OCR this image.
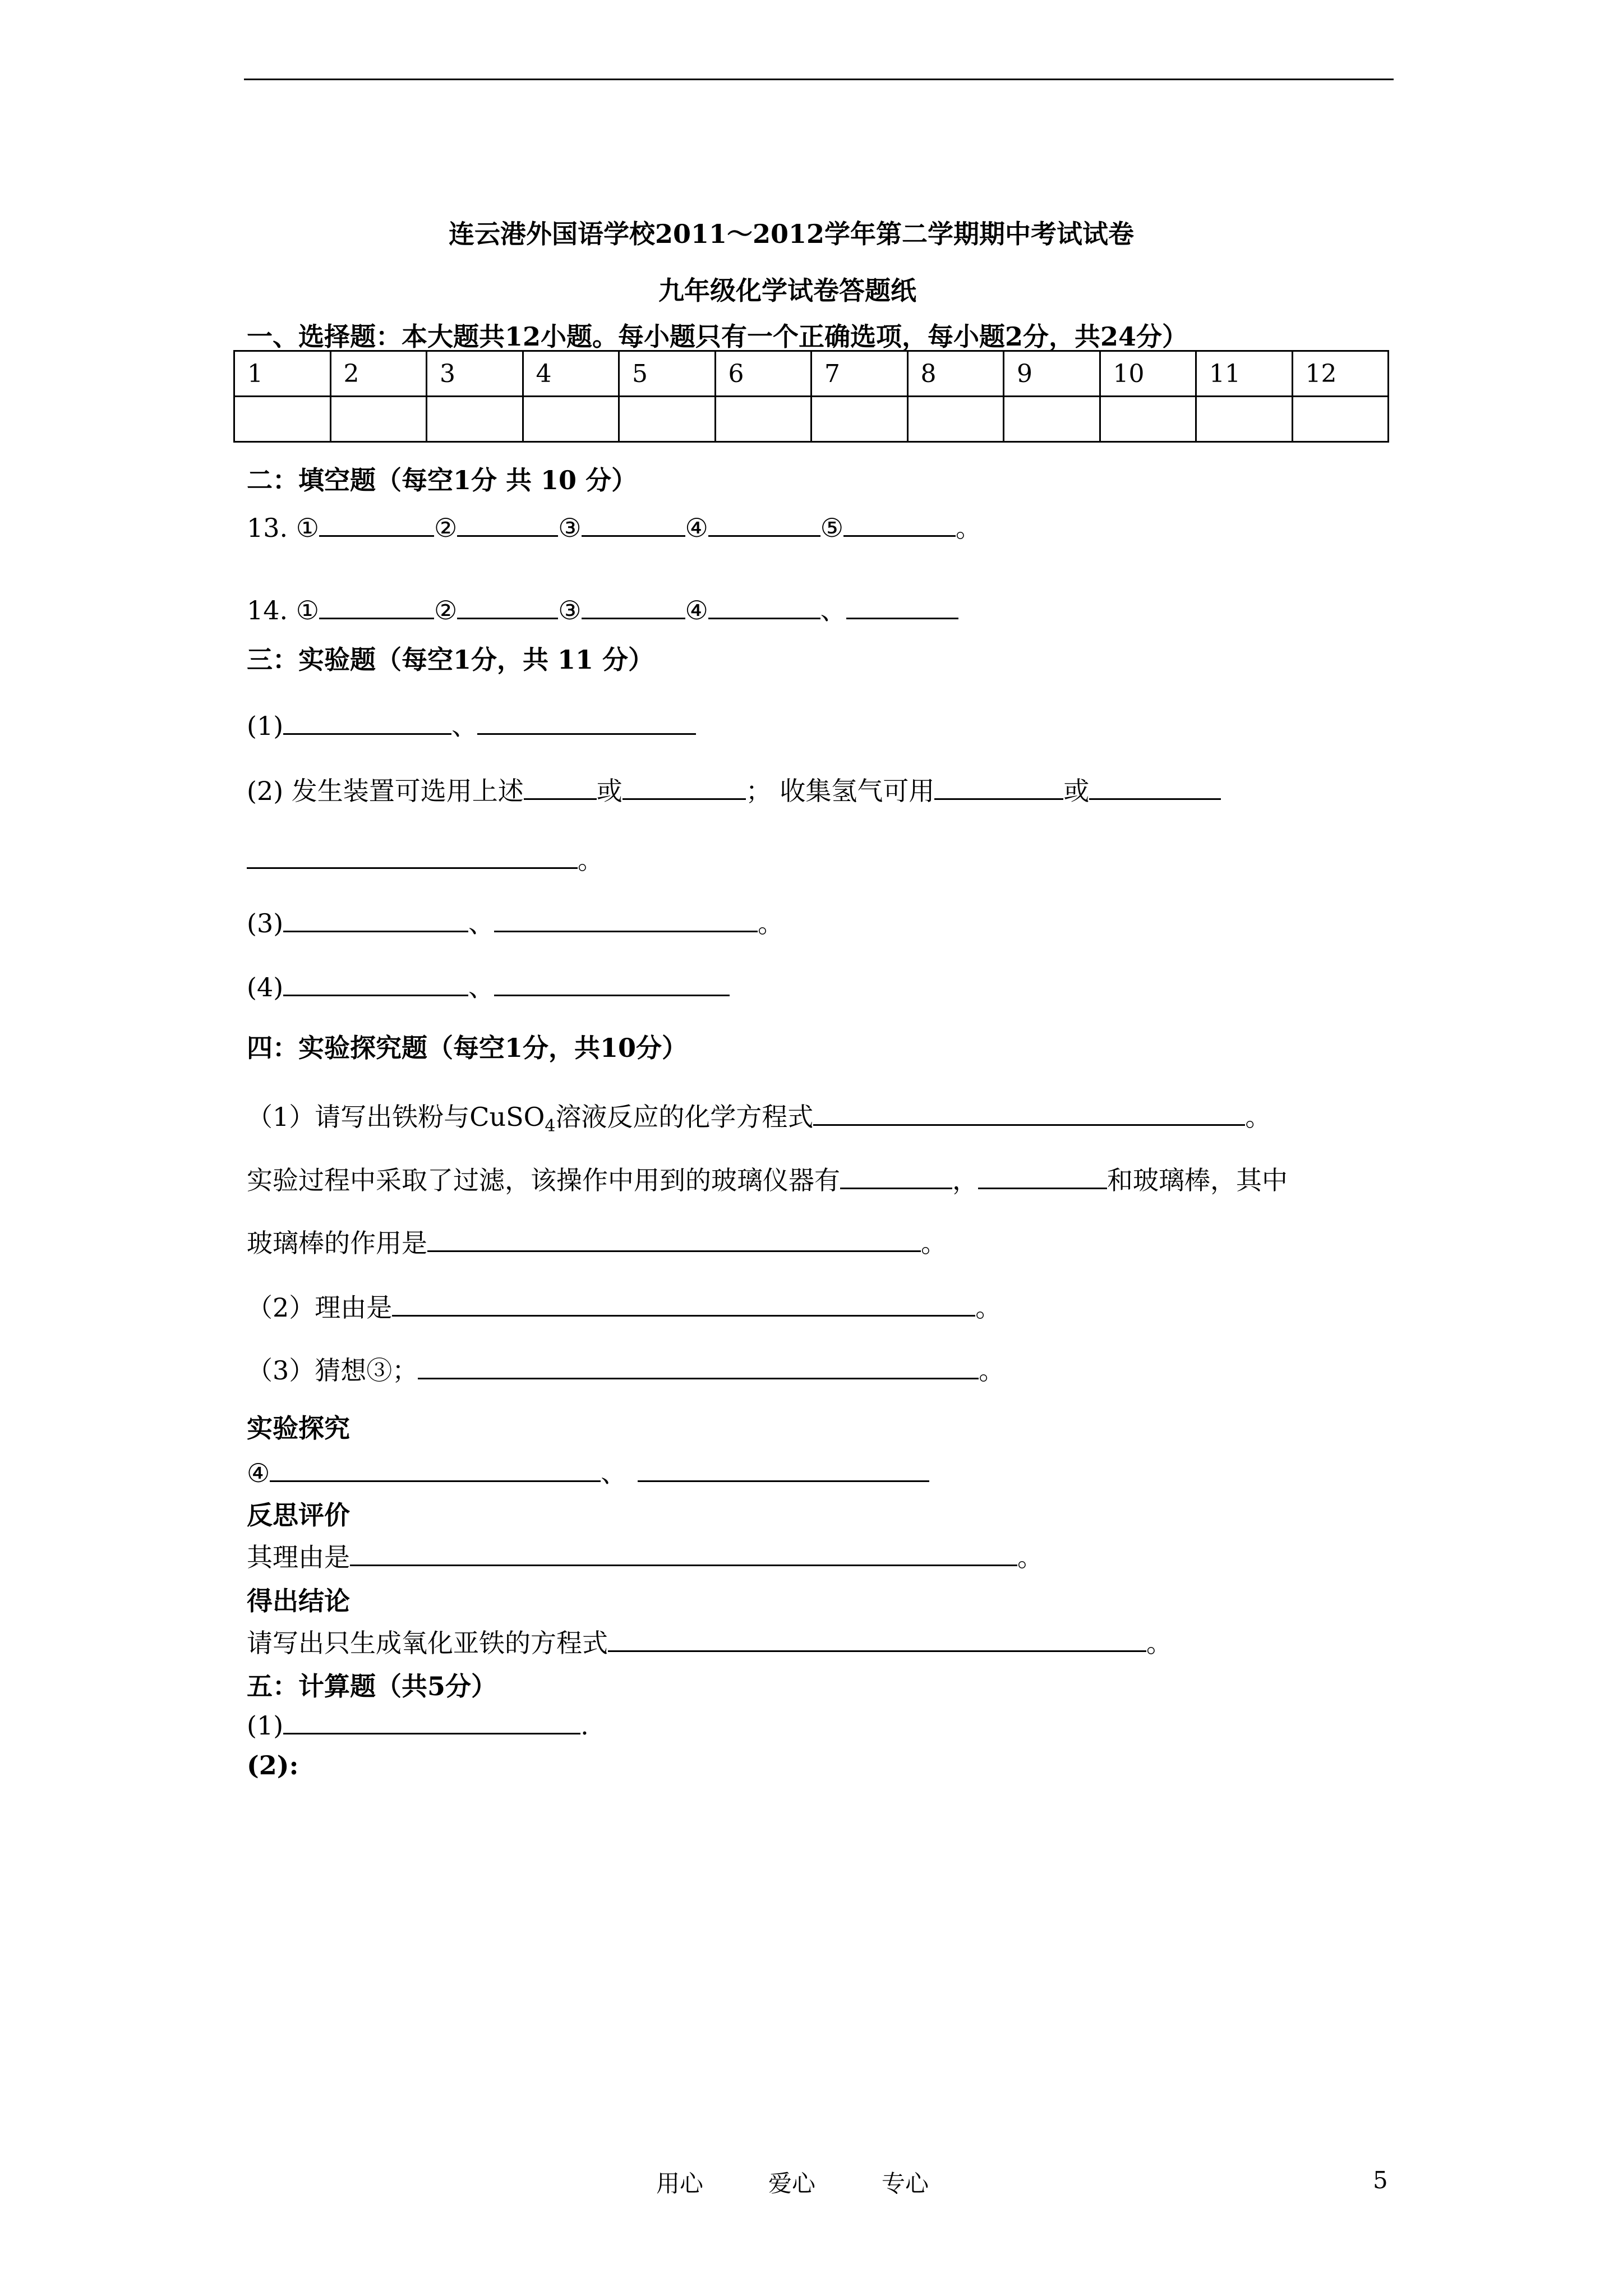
连云港外国语学校2011～2012学年第二学期期中考试试卷
九年级化学试卷答题纸
一、选择题：本大题共12小题。每小题只有一个正确选项，每小题2分，共24分）
1	2	3	4	5	6	7	8	9	10	11	12

二：填空题（每空1分 共 10 分）
13. ①	②	③	④	⑤	。
14. ①	②	③	④	、
三：实验题（每空1分，共 11 分）
(1)	、
(2) 发生装置可选用上述	或	； 收集氢气可用	或
。
(3)	、	。
(4)	、
四：实验探究题（每空1分，共10分）
（1）请写出铁粉与CuSO$_4$溶液反应的化学方程式	。
实验过程中采取了过滤，该操作中用到的玻璃仪器有	，	和玻璃棒，其中
玻璃棒的作用是	。
（2）理由是	。
（3）猜想③；	。
实验探究
④	、
反思评价
其理由是	。
得出结论
请写出只生成氧化亚铁的方程式	。
五：计算题（共5分）
(1)	.
(2):
用心	爱心	专心	5
